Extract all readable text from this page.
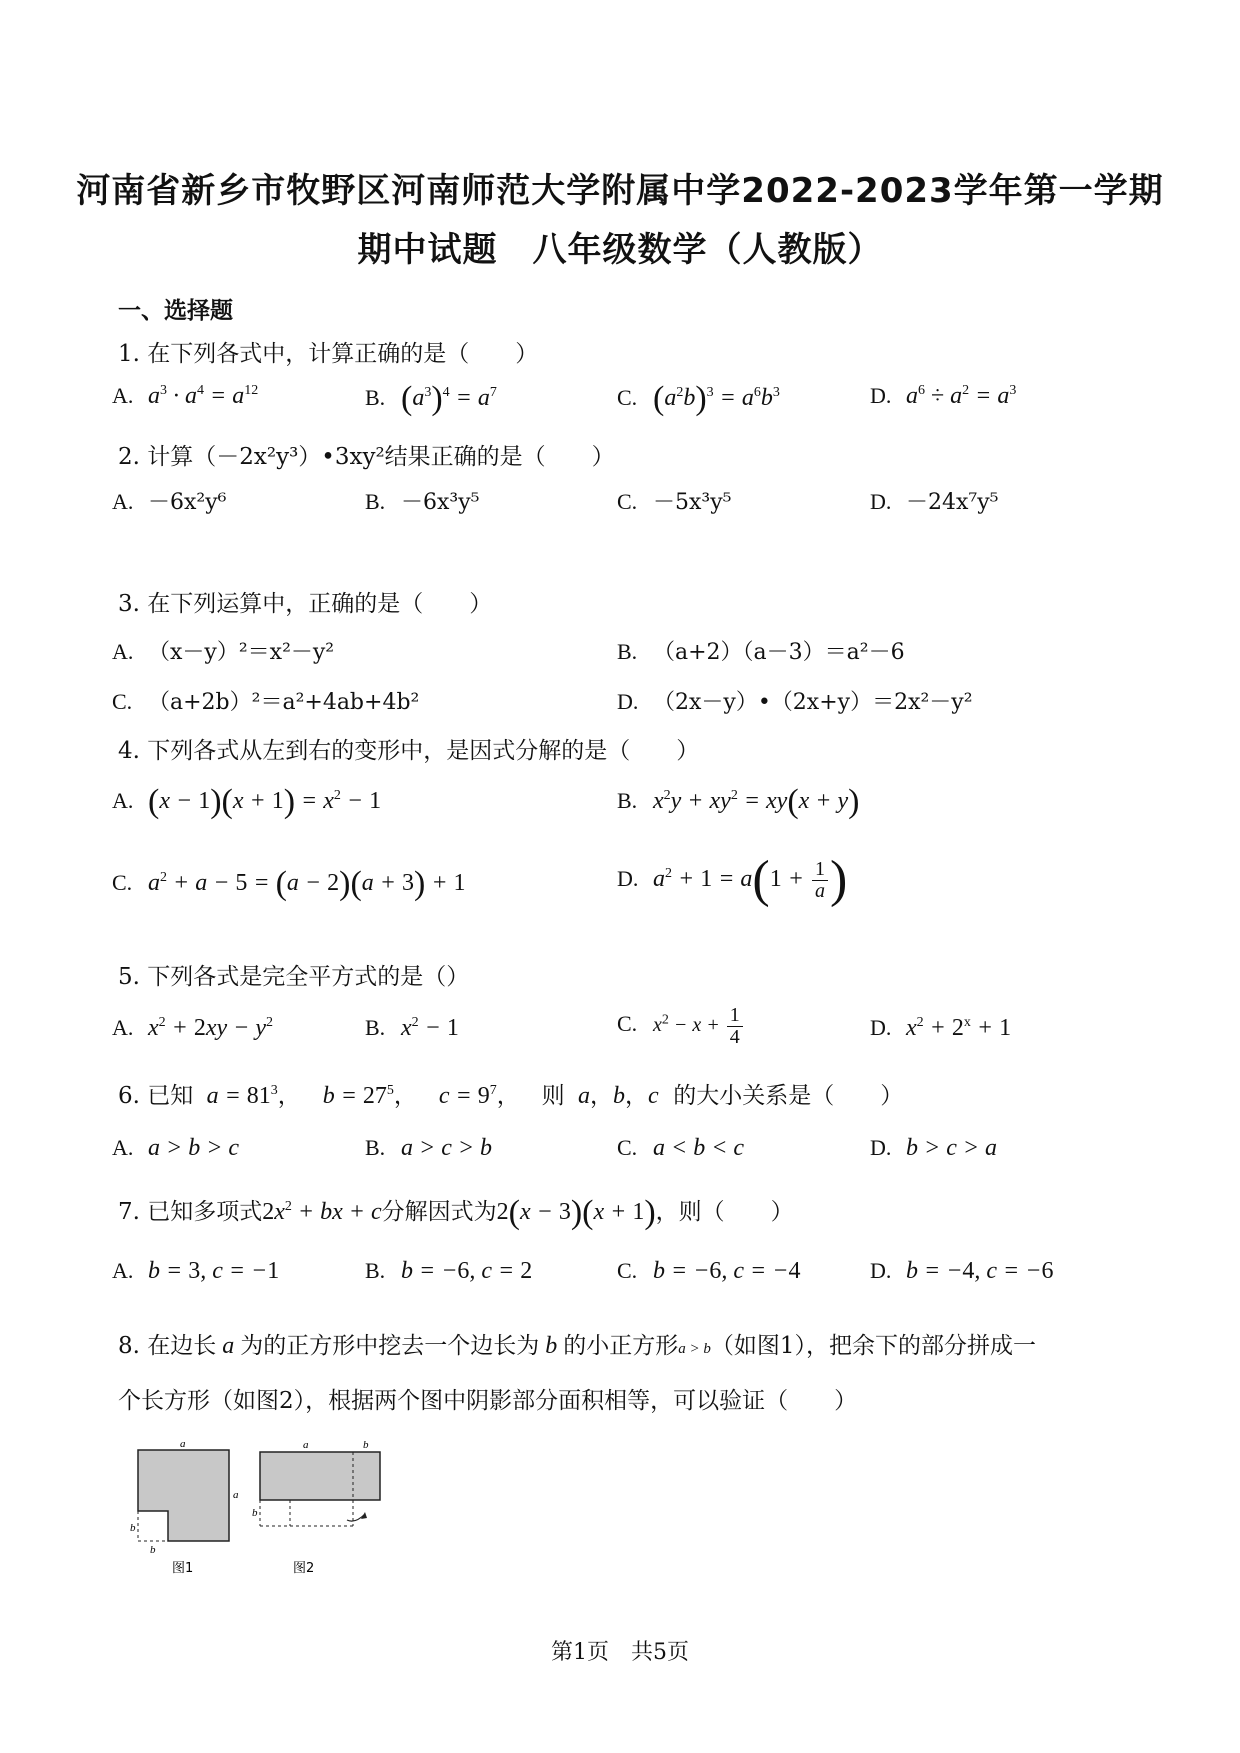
河南省新乡市牧野区河南师范大学附属中学2022-2023学年第一学期
期中试题　八年级数学（人教版）
一、选择题
1. 在下列各式中，计算正确的是（　　）
A. $a^3 \cdot a^4 = a^{12}$	B. $(a^3)^4 = a^7$	C. $(a^2b)^3 = a^6b^3$	D. $a^6 \div a^2 = a^3$
2. 计算（－2x²y³）•3xy²结果正确的是（　　）
A. －6x²y⁶	B. －6x³y⁵	C. －5x³y⁵	D. －24x⁷y⁵
3. 在下列运算中，正确的是（　　）
A. （x－y）²＝x²－y²	B. （a+2）（a－3）＝a²－6
C. （a+2b）²＝a²+4ab+4b²	D. （2x－y）•（2x+y）＝2x²－y²
4. 下列各式从左到右的变形中，是因式分解的是（　　）
A. $(x - 1)(x + 1) = x^2 - 1$	B. $x^2y + xy^2 = xy(x + y)$
C. $a^2 + a - 5 = (a - 2)(a + 3) + 1$	D. $a^2 + 1 = a(1 + \frac{1}{a}$ )
5. 下列各式是完全平方式的是（）
A. $x^2 + 2xy - y^2$	B. $x^2 - 1$	C. $x^2 - x + \frac{1}{4}$	D. $x^2 + 2^x + 1$
6. 已知  $a = 81^3$，   $b = 27^5$，   $c = 9^7$，   则  a，b，c 的大小关系是（　　）
A. a > b > c	B. a > c > b	C. a < b < c	D. b > c > a
7. 已知多项式$2x^2$ + bx + c分解因式为2(x − 3)(x + 1)，则（　　）
A. b = 3, c = −1	B. b = −6, c = 2	C. b = −6, c = −4	D. b = −4, c = −6
8. 在边长 a 为的正方形中挖去一个边长为 b 的小正方形a > b（如图1），把余下的部分拼成一
个长方形（如图2），根据两个图中阴影部分面积相等，可以验证（　　）
a
a
b
b
图1
a	b
b
图2
第1页　共5页
